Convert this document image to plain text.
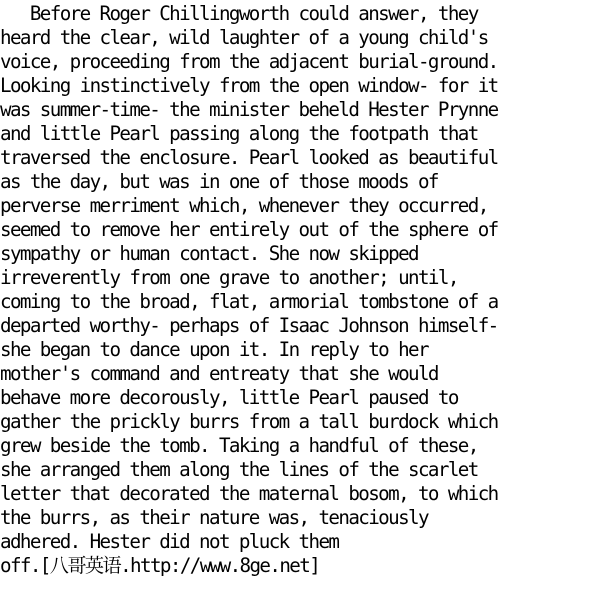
Before Roger Chillingworth could answer, they
heard the clear, wild laughter of a young child's
voice, proceeding from the adjacent burial-ground.
Looking instinctively from the open window- for it
was summer-time- the minister beheld Hester Prynne
and little Pearl passing along the footpath that
traversed the enclosure. Pearl looked as beautiful
as the day, but was in one of those moods of
perverse merriment which, whenever they occurred,
seemed to remove her entirely out of the sphere of
sympathy or human contact. She now skipped
irreverently from one grave to another; until,
coming to the broad, flat, armorial tombstone of a
departed worthy- perhaps of Isaac Johnson himself-
she began to dance upon it. In reply to her
mother's command and entreaty that she would
behave more decorously, little Pearl paused to
gather the prickly burrs from a tall burdock which
grew beside the tomb. Taking a handful of these,
she arranged them along the lines of the scarlet
letter that decorated the maternal bosom, to which
the burrs, as their nature was, tenaciously
adhered. Hester did not pluck them
off.[八哥英语.http://www.8ge.net]
